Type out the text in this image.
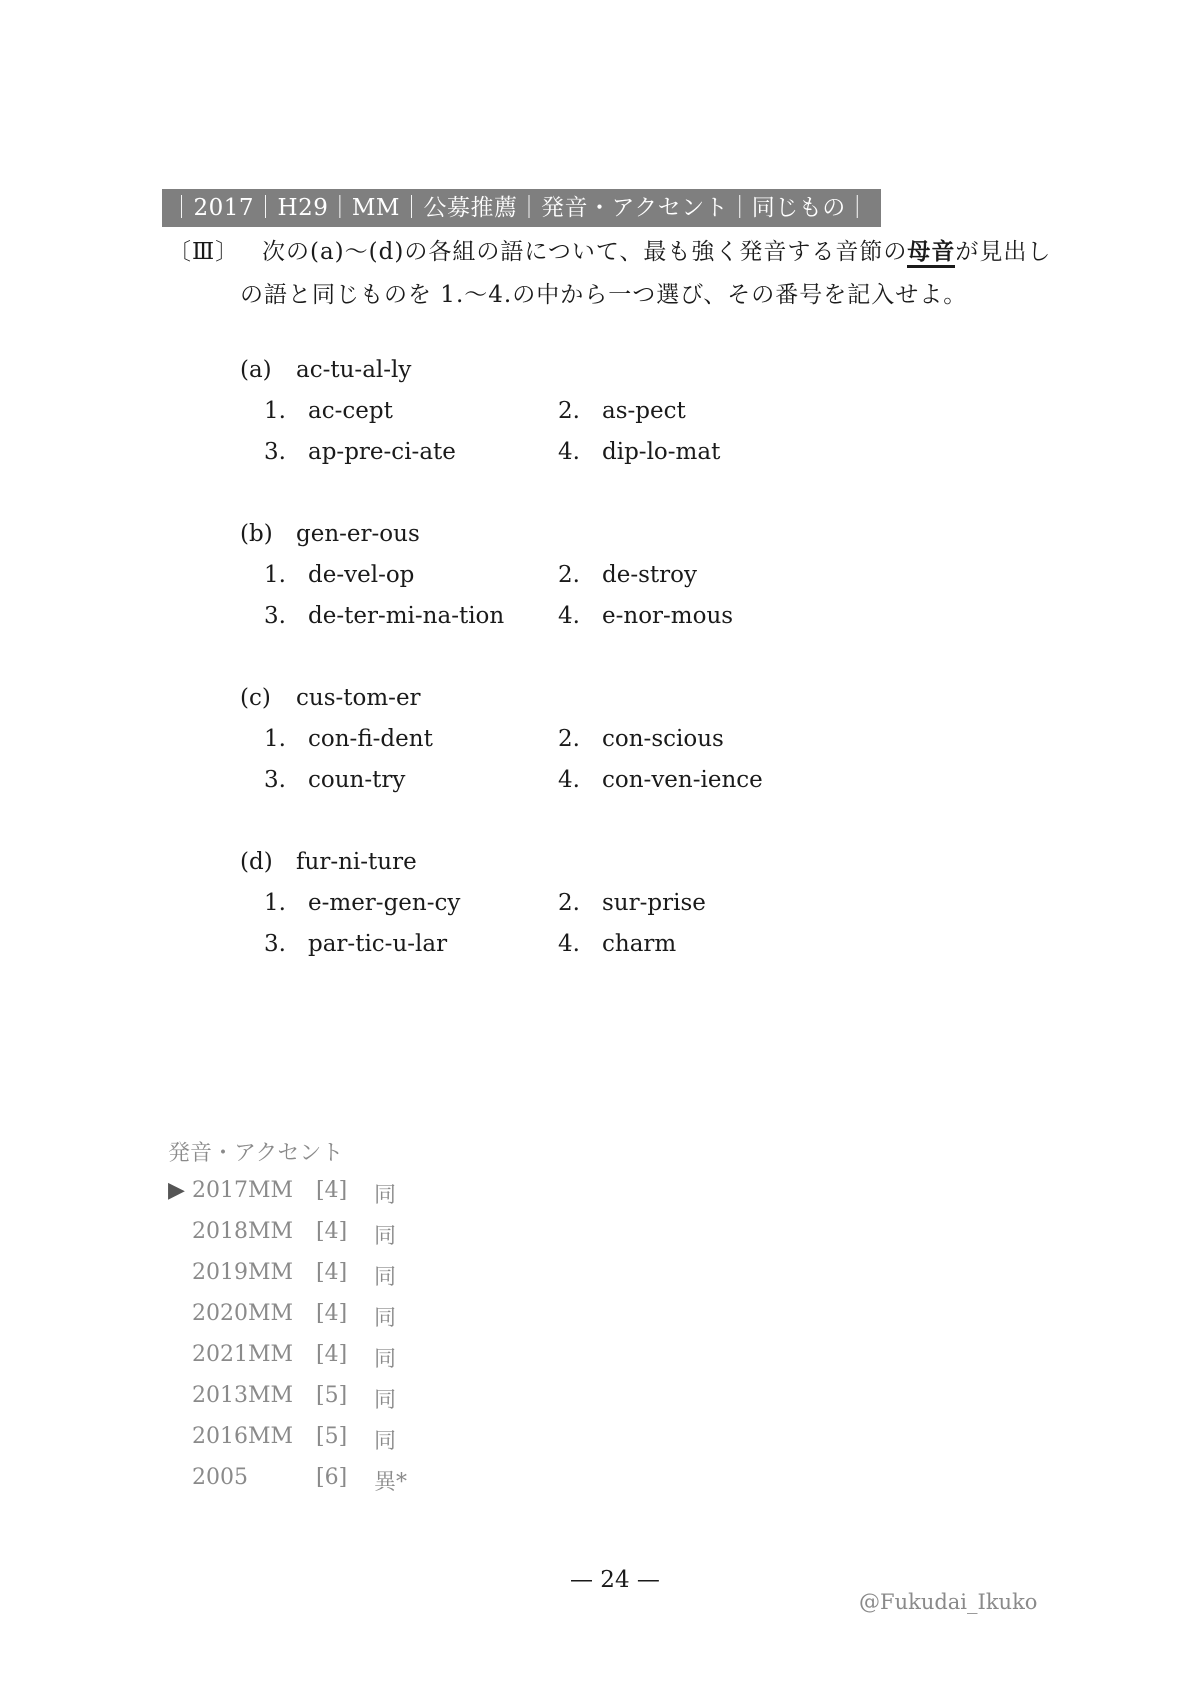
｜2017｜H29｜MM｜公募推薦｜発音・アクセント｜同じもの｜
〔Ⅲ〕 次の(a)～(d)の各組の語について、最も強く発音する音節の母音が見出し
の語と同じものを 1.～4.の中から一つ選び、その番号を記入せよ。
(a) ac-tu-al-ly
1. ac-cept	2. as-pect
3. ap-pre-ci-ate	4. dip-lo-mat
(b) gen-er-ous
1. de-vel-op	2. de-stroy
3. de-ter-mi-na-tion 4. e-nor-mous
(c) cus-tom-er
1. con-fi-dent	2. con-scious
3. coun-try	4. con-ven-ience
(d) fur-ni-ture
1. e-mer-gen-cy	2. sur-prise
3. par-tic-u-lar	4. charm
発音・アクセント
▶ 2017MM [4] 同
2018MM [4] 同
2019MM [4] 同
2020MM [4] 同
2021MM [4] 同
2013MM [5] 同
2016MM [5] 同
2005	[6] 異*
— 24 —
@Fukudai_Ikuko
